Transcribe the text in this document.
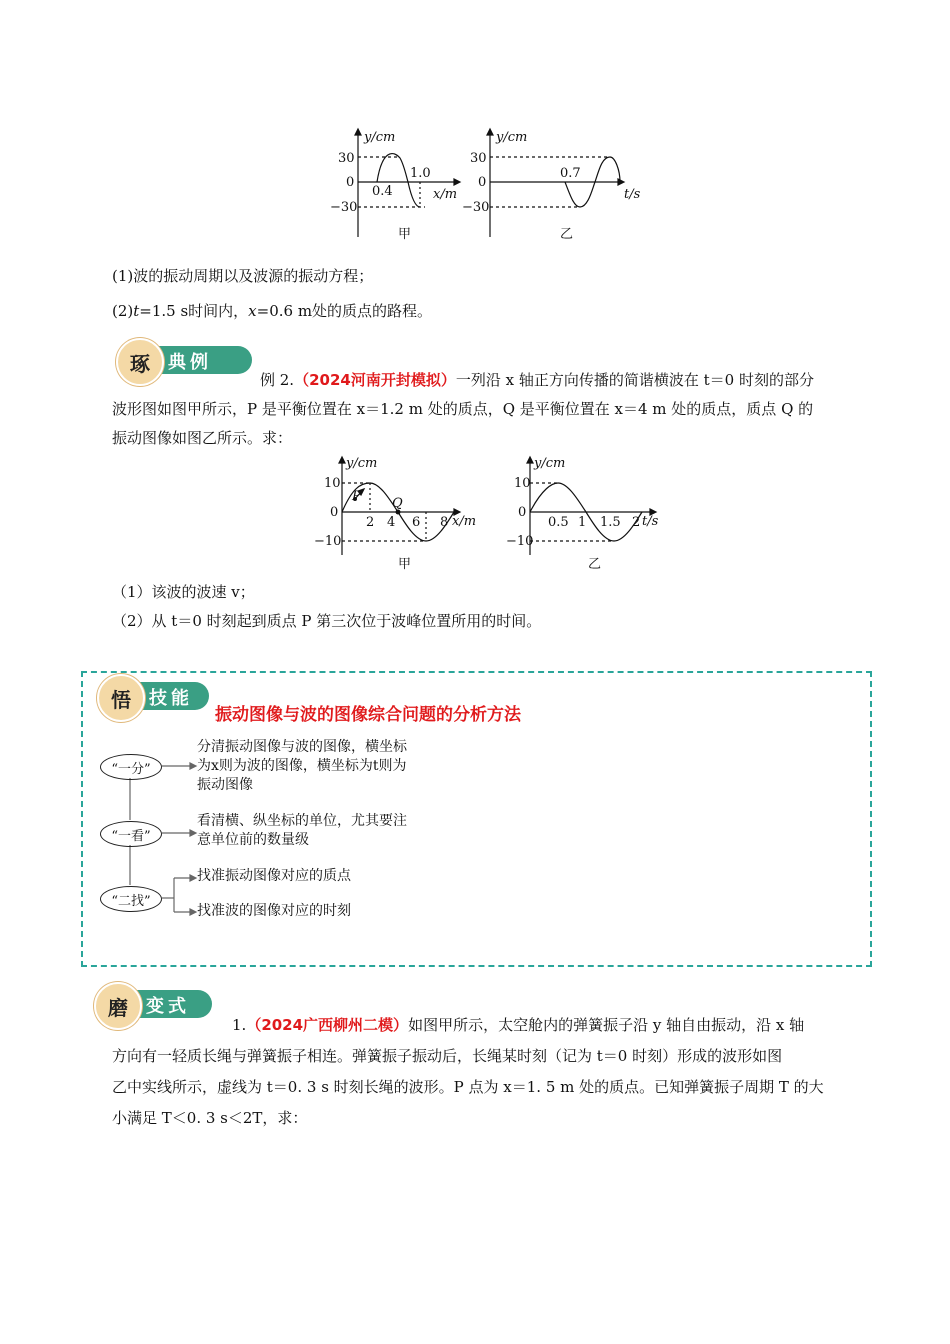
y/cm
30
0
−30
0.4
1.0
x/m
y/cm
30
0
−30
0.7
t/s
甲	乙
(1)波的振动周期以及波源的振动方程；
(2)t=1.5 s时间内，x=0.6 m处的质点的路程。
琢	典例
例 2.（2024河南开封模拟）一列沿 x 轴正方向传播的简谐横波在 t＝0 时刻的部分
波形图如图甲所示，P 是平衡位置在 x＝1.2 m 处的质点，Q 是平衡位置在 x＝4 m 处的质点，质点 Q 的
振动图像如图乙所示。求：
y/cm
10
0
−10
2 4 6 8 x/m
P Q
y/cm
10
0
−10
0.5 1 1.5 2 t/s
甲	乙
（1）该波的波速 v；
（2）从 t＝0 时刻起到质点 P 第三次位于波峰位置所用的时间。
悟	技能
振动图像与波的图像综合问题的分析方法
“一分”
“一看”
“二找”
分清振动图像与波的图像，横坐标
为x则为波的图像，横坐标为t则为
振动图像
看清横、纵坐标的单位，尤其要注
意单位前的数量级
找准振动图像对应的质点
找准波的图像对应的时刻
磨	变式
1.（2024广西柳州二模）如图甲所示，太空舱内的弹簧振子沿 y 轴自由振动，沿 x 轴
方向有一轻质长绳与弹簧振子相连。弹簧振子振动后，长绳某时刻（记为 t＝0 时刻）形成的波形如图
乙中实线所示，虚线为 t＝0. 3 s 时刻长绳的波形。P 点为 x＝1. 5 m 处的质点。已知弹簧振子周期 T 的大
小满足 T＜0. 3 s＜2T，求：
